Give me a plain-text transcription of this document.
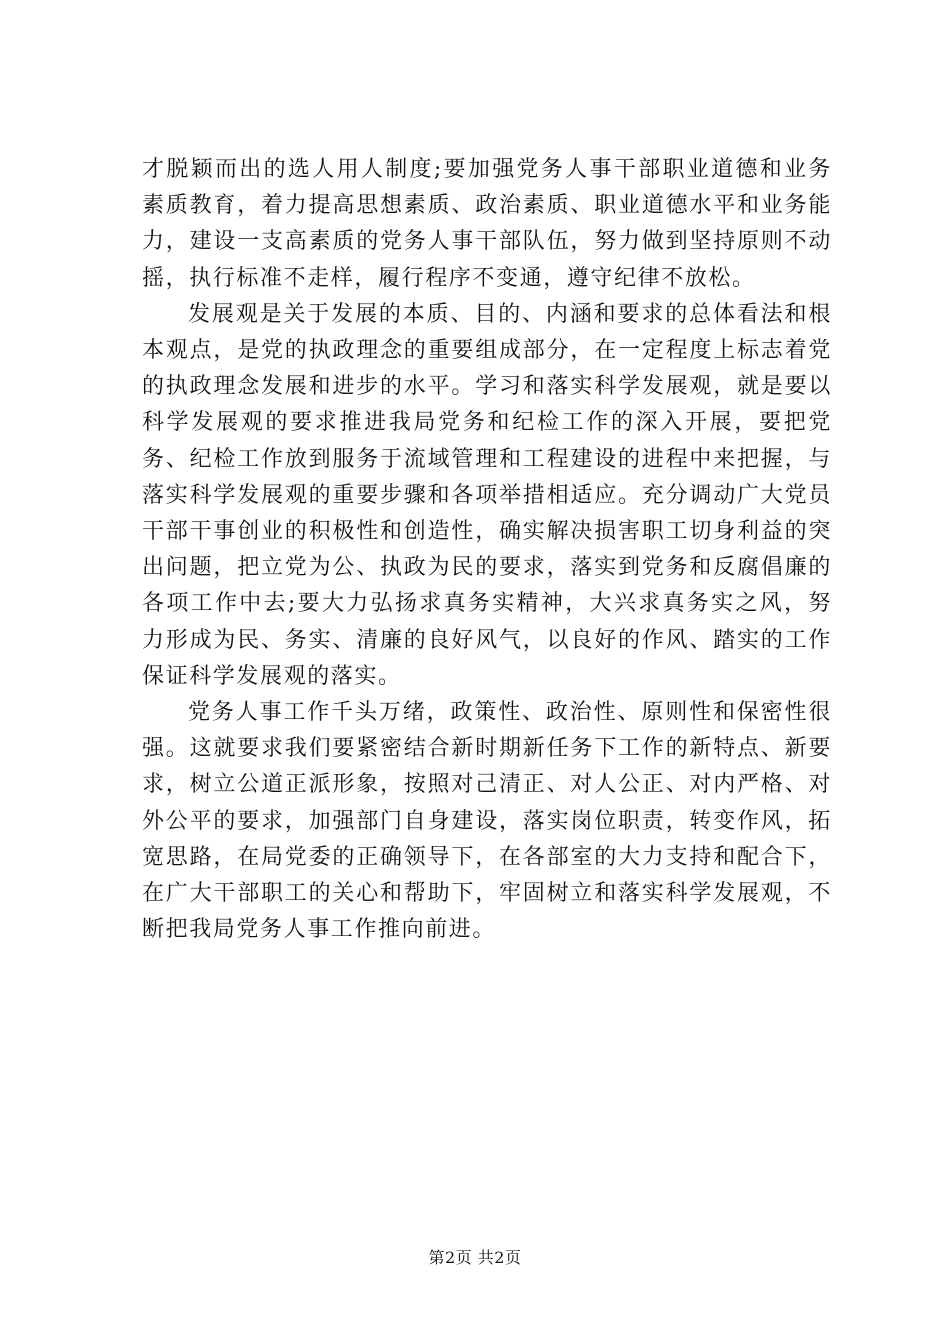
才脱颖而出的选人用人制度;要加强党务人事干部职业道德和业务素质教育，着力提高思想素质、政治素质、职业道德水平和业务能力，建设一支高素质的党务人事干部队伍，努力做到坚持原则不动摇，执行标准不走样，履行程序不变通，遵守纪律不放松。

发展观是关于发展的本质、目的、内涵和要求的总体看法和根本观点，是党的执政理念的重要组成部分，在一定程度上标志着党的执政理念发展和进步的水平。学习和落实科学发展观，就是要以科学发展观的要求推进我局党务和纪检工作的深入开展，要把党务、纪检工作放到服务于流域管理和工程建设的进程中来把握，与落实科学发展观的重要步骤和各项举措相适应。充分调动广大党员干部干事创业的积极性和创造性，确实解决损害职工切身利益的突出问题，把立党为公、执政为民的要求，落实到党务和反腐倡廉的各项工作中去;要大力弘扬求真务实精神，大兴求真务实之风，努力形成为民、务实、清廉的良好风气，以良好的作风、踏实的工作保证科学发展观的落实。

党务人事工作千头万绪，政策性、政治性、原则性和保密性很强。这就要求我们要紧密结合新时期新任务下工作的新特点、新要求，树立公道正派形象，按照对己清正、对人公正、对内严格、对外公平的要求，加强部门自身建设，落实岗位职责，转变作风，拓宽思路，在局党委的正确领导下，在各部室的大力支持和配合下，在广大干部职工的关心和帮助下，牢固树立和落实科学发展观，不断把我局党务人事工作推向前进。

第2页 共2页
